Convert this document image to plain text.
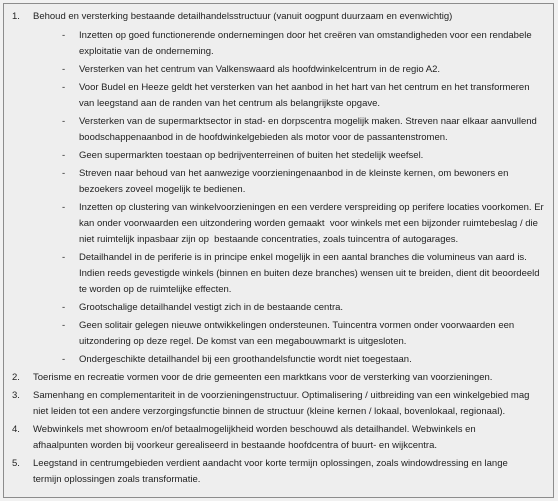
1. Behoud en versterking bestaande detailhandelsstructuur (vanuit oogpunt duurzaam en evenwichtig)
- Inzetten op goed functionerende ondernemingen door het creëren van omstandigheden voor een rendabele
exploitatie van de onderneming.
- Versterken van het centrum van Valkenswaard als hoofdwinkelcentrum in de regio A2.
- Voor Budel en Heeze geldt het versterken van het aanbod in het hart van het centrum en het transformeren
van leegstand aan de randen van het centrum als belangrijkste opgave.
- Versterken van de supermarktsector in stad- en dorpscentra mogelijk maken. Streven naar elkaar aanvullend
boodschappenaanbod in de hoofdwinkelgebieden als motor voor de passantenstromen.
- Geen supermarkten toestaan op bedrijventerreinen of buiten het stedelijk weefsel.
- Streven naar behoud van het aanwezige voorzieningenaanbod in de kleinste kernen, om bewoners en
bezoekers zoveel mogelijk te bedienen.
- Inzetten op clustering van winkelvoorzieningen en een verdere verspreiding op perifere locaties voorkomen. Er
kan onder voorwaarden een uitzondering worden gemaakt  voor winkels met een bijzonder ruimtebeslag / die
niet ruimtelijk inpasbaar zijn op  bestaande concentraties, zoals tuincentra of autogarages.
- Detailhandel in de periferie is in principe enkel mogelijk in een aantal branches die volumineus van aard is.
Indien reeds gevestigde winkels (binnen en buiten deze branches) wensen uit te breiden, dient dit beoordeeld
te worden op de ruimtelijke effecten.
- Grootschalige detailhandel vestigt zich in de bestaande centra.
- Geen solitair gelegen nieuwe ontwikkelingen ondersteunen. Tuincentra vormen onder voorwaarden een
uitzondering op deze regel. De komst van een megabouwmarkt is uitgesloten.
- Ondergeschikte detailhandel bij een groothandelsfunctie wordt niet toegestaan.
2. Toerisme en recreatie vormen voor de drie gemeenten een marktkans voor de versterking van voorzieningen.
3. Samenhang en complementariteit in de voorzieningenstructuur. Optimalisering / uitbreiding van een winkelgebied mag
niet leiden tot een andere verzorgingsfunctie binnen de structuur (kleine kernen / lokaal, bovenlokaal, regionaal).
4. Webwinkels met showroom en/of betaalmogelijkheid worden beschouwd als detailhandel. Webwinkels en
afhaalpunten worden bij voorkeur gerealiseerd in bestaande hoofdcentra of buurt- en wijkcentra.
5. Leegstand in centrumgebieden verdient aandacht voor korte termijn oplossingen, zoals windowdressing en lange
termijn oplossingen zoals transformatie.
